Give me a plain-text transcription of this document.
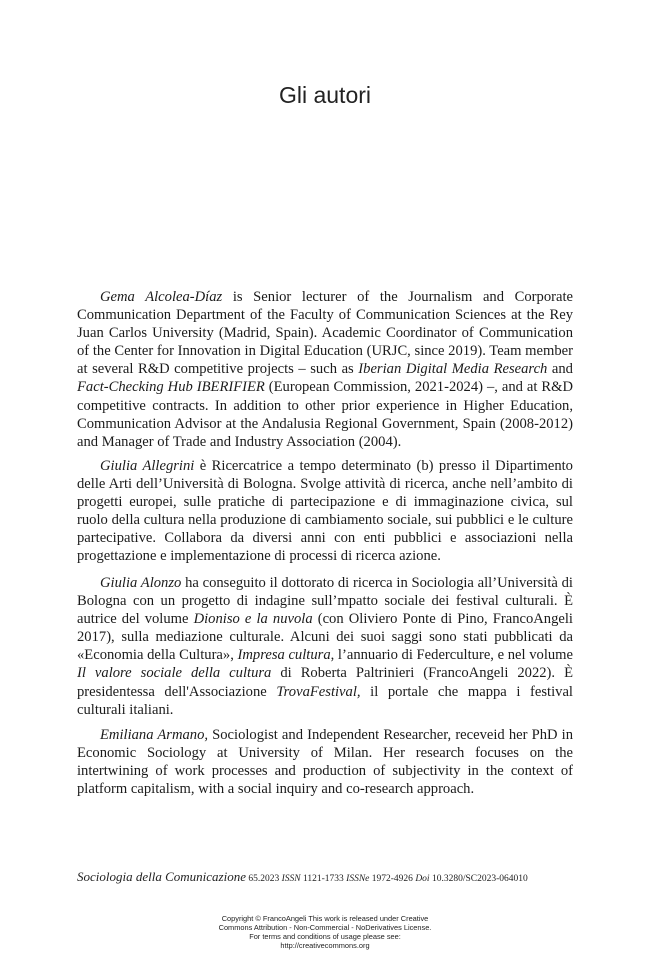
Gli autori

Gema Alcolea-Díaz is Senior lecturer of the Journalism and Corporate Communication Department of the Faculty of Communication Sciences at the Rey Juan Carlos University (Madrid, Spain). Academic Coordinator of Communication of the Center for Innovation in Digital Education (URJC, since 2019). Team member at several R&D competitive projects – such as Iberian Digital Media Research and Fact-Checking Hub IBERIFIER (European Commission, 2021-2024) –, and at R&D competitive contracts. In addition to other prior experience in Higher Education, Communication Advisor at the Andalusia Regional Government, Spain (2008-2012) and Manager of Trade and Industry Association (2004).

Giulia Allegrini è Ricercatrice a tempo determinato (b) presso il Dipartimento delle Arti dell’Università di Bologna. Svolge attività di ricerca, anche nell’ambito di progetti europei, sulle pratiche di partecipazione e di immaginazione civica, sul ruolo della cultura nella produzione di cambiamento sociale, sui pubblici e le culture partecipative. Collabora da diversi anni con enti pubblici e associazioni nella progettazione e implementazione di processi di ricerca azione.

Giulia Alonzo ha conseguito il dottorato di ricerca in Sociologia all’Università di Bologna con un progetto di indagine sull’mpatto sociale dei festival culturali. È autrice del volume Dioniso e la nuvola (con Oliviero Ponte di Pino, FrancoAngeli 2017), sulla mediazione culturale. Alcuni dei suoi saggi sono stati pubblicati da «Economia della Cultura», Impresa cultura, l’annuario di Federculture, e nel volume Il valore sociale della cultura di Roberta Paltrinieri (FrancoAngeli 2022). È presidentessa dell'Associazione TrovaFestival, il portale che mappa i festival culturali italiani.

Emiliana Armano, Sociologist and Independent Researcher, receveid her PhD in Economic Sociology at University of Milan. Her research focuses on the intertwining of work processes and production of subjectivity in the context of platform capitalism, with a social inquiry and co-research approach.

Sociologia della Comunicazione 65.2023 ISSN 1121-1733 ISSNe 1972-4926 Doi 10.3280/SC2023-064010
Copyright © FrancoAngeli This work is released under Creative
Commons Attribution - Non-Commercial - NoDerivatives License.
For terms and conditions of usage please see:
http://creativecommons.org
